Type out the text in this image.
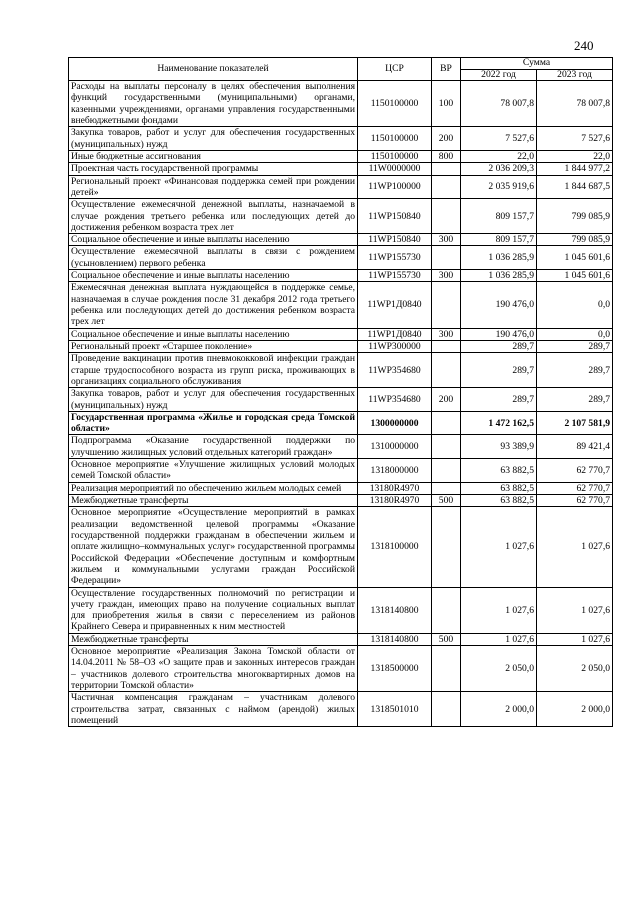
240
Наименование показателей	ЦСР	ВР	Сумма	
			2022 год	2023 год
Расходы на выплаты персоналу в целях обеспечения выполнения функций государственными (муниципальными) органами, казенными учреждениями, органами управления государственными внебюджетными фондами	1150100000	100	78 007,8	78 007,8
Закупка товаров, работ и услуг для обеспечения государственных (муниципальных) нужд	1150100000	200	7 527,6	7 527,6
Иные бюджетные ассигнования	1150100000	800	22,0	22,0
Проектная часть государственной программы	11W0000000		2 036 209,3	1 844 977,2
Региональный проект «Финансовая поддержка семей при рождении детей»	11WP100000		2 035 919,6	1 844 687,5
Осуществление ежемесячной денежной выплаты, назначаемой в случае рождения третьего ребенка или последующих детей до достижения ребенком возраста трех лет	11WP150840		809 157,7	799 085,9
Социальное обеспечение и иные выплаты населению	11WP150840	300	809 157,7	799 085,9
Осуществление ежемесячной выплаты в связи с рождением (усыновлением) первого ребенка	11WP155730		1 036 285,9	1 045 601,6
Социальное обеспечение и иные выплаты населению	11WP155730	300	1 036 285,9	1 045 601,6
Ежемесячная денежная выплата нуждающейся в поддержке семье, назначаемая в случае рождения после 31 декабря 2012 года третьего ребенка или последующих детей до достижения ребенком возраста трех лет	11WP1Д0840		190 476,0	0,0
Социальное обеспечение и иные выплаты населению	11WP1Д0840	300	190 476,0	0,0
Региональный проект «Старшее поколение»	11WP300000		289,7	289,7
Проведение вакцинации против пневмококковой инфекции граждан старше трудоспособного возраста из групп риска, проживающих в организациях социального обслуживания	11WP354680		289,7	289,7
Закупка товаров, работ и услуг для обеспечения государственных (муниципальных) нужд	11WP354680	200	289,7	289,7
Государственная программа «Жилье и городская среда Томской области»	1300000000		1 472 162,5	2 107 581,9
Подпрограмма «Оказание государственной поддержки по улучшению жилищных условий отдельных категорий граждан»	1310000000		93 389,9	89 421,4
Основное мероприятие «Улучшение жилищных условий молодых семей Томской области»	1318000000		63 882,5	62 770,7
Реализация мероприятий по обеспечению жильем молодых семей	13180R4970		63 882,5	62 770,7
Межбюджетные трансферты	13180R4970	500	63 882,5	62 770,7
Основное мероприятие «Осуществление мероприятий в рамках реализации ведомственной целевой программы «Оказание государственной поддержки гражданам в обеспечении жильем и оплате жилищно–коммунальных услуг» государственной программы Российской Федерации «Обеспечение доступным и комфортным жильем и коммунальными услугами граждан Российской Федерации»	1318100000		1 027,6	1 027,6
Осуществление государственных полномочий по регистрации и учету граждан, имеющих право на получение социальных выплат для приобретения жилья в связи с переселением из районов Крайнего Севера и приравненных к ним местностей	1318140800		1 027,6	1 027,6
Межбюджетные трансферты	1318140800	500	1 027,6	1 027,6
Основное мероприятие «Реализация Закона Томской области от 14.04.2011 № 58–ОЗ «О защите прав и законных интересов граждан – участников долевого строительства многоквартирных домов на территории Томской области»	1318500000		2 050,0	2 050,0
Частичная компенсация гражданам – участникам долевого строительства затрат, связанных с наймом (арендой) жилых помещений	1318501010		2 000,0	2 000,0
